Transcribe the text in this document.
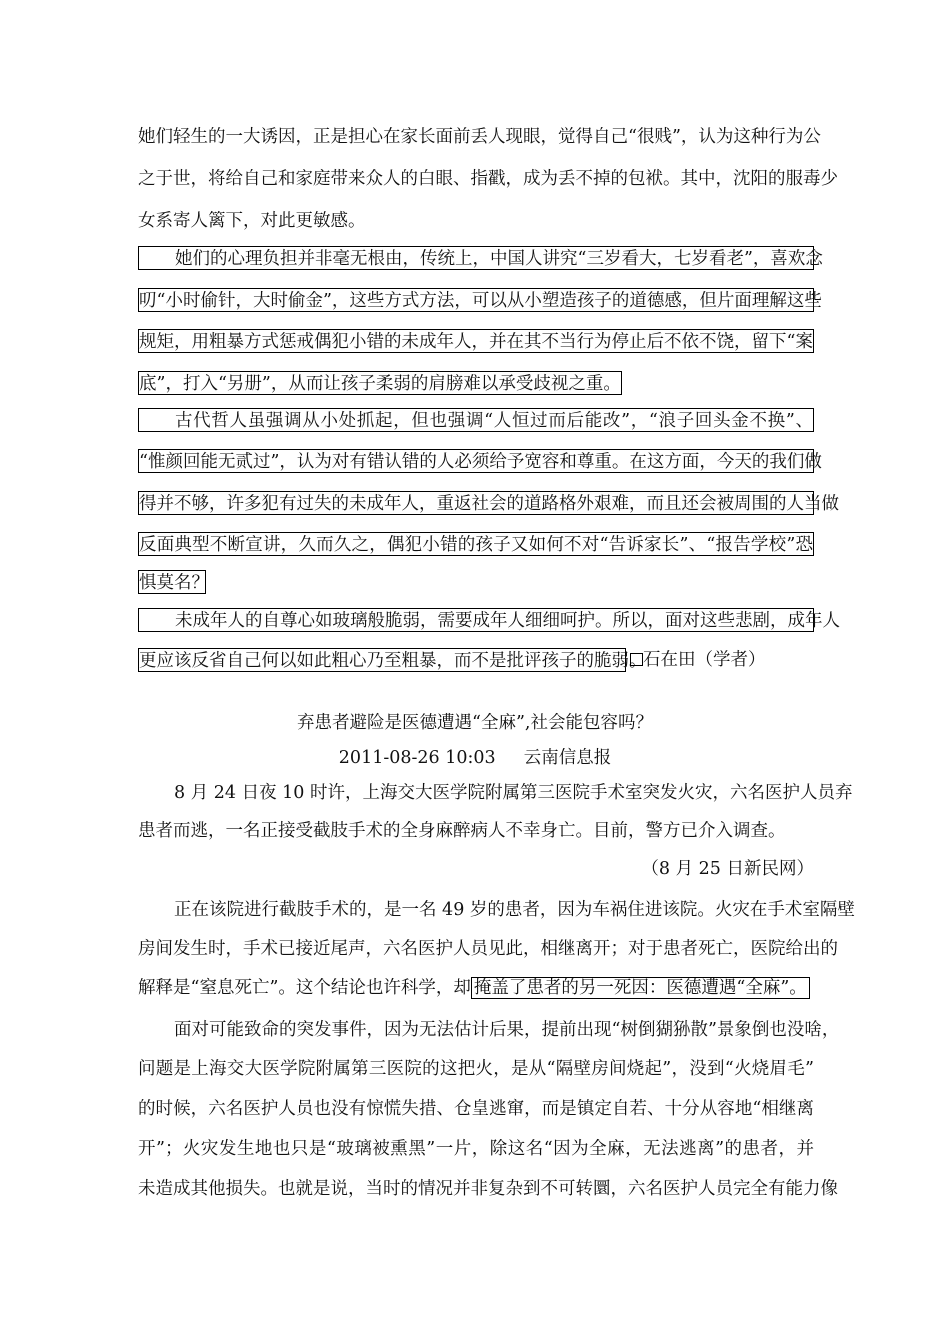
她们轻生的一大诱因，正是担心在家长面前丢人现眼，觉得自己“很贱”，认为这种行为公
之于世，将给自己和家庭带来众人的白眼、指戳，成为丢不掉的包袱。其中，沈阳的服毒少
女系寄人篱下，对此更敏感。
她们的心理负担并非毫无根由，传统上，中国人讲究“三岁看大，七岁看老”，喜欢念
叨“小时偷针，大时偷金”，这些方式方法，可以从小塑造孩子的道德感，但片面理解这些
规矩，用粗暴方式惩戒偶犯小错的未成年人，并在其不当行为停止后不依不饶，留下“案
底”，打入“另册”，从而让孩子柔弱的肩膀难以承受歧视之重。
古代哲人虽强调从小处抓起，但也强调“人恒过而后能改”，“浪子回头金不换”、
“惟颜回能无贰过”，认为对有错认错的人必须给予宽容和尊重。在这方面，今天的我们做
得并不够，许多犯有过失的未成年人，重返社会的道路格外艰难，而且还会被周围的人当做
反面典型不断宣讲，久而久之，偶犯小错的孩子又如何不对“告诉家长”、“报告学校”恐
惧莫名？
未成年人的自尊心如玻璃般脆弱，需要成年人细细呵护。所以，面对这些悲剧，成年人
更应该反省自己何以如此粗心乃至粗暴，而不是批评孩子的脆弱。
石在田（学者）
弃患者避险是医德遭遇“全麻”,社会能包容吗？
2011-08-26 10:03 云南信息报
8 月 24 日夜 10 时许，上海交大医学院附属第三医院手术室突发火灾，六名医护人员弃
患者而逃，一名正接受截肢手术的全身麻醉病人不幸身亡。目前，警方已介入调查。
（8 月 25 日新民网）
正在该院进行截肢手术的，是一名 49 岁的患者，因为车祸住进该院。火灾在手术室隔壁
房间发生时，手术已接近尾声，六名医护人员见此，相继离开；对于患者死亡，医院给出的
解释是“窒息死亡”。这个结论也许科学，却 掩盖了患者的另一死因：医德遭遇“全麻”。
面对可能致命的突发事件，因为无法估计后果，提前出现“树倒猢狲散”景象倒也没啥，
问题是上海交大医学院附属第三医院的这把火，是从“隔壁房间烧起”，没到“火烧眉毛”
的时候，六名医护人员也没有惊慌失措、仓皇逃窜，而是镇定自若、十分从容地“相继离
开”；火灾发生地也只是“玻璃被熏黑”一片，除这名“因为全麻，无法逃离”的患者，并
未造成其他损失。也就是说，当时的情况并非复杂到不可转圜，六名医护人员完全有能力像
